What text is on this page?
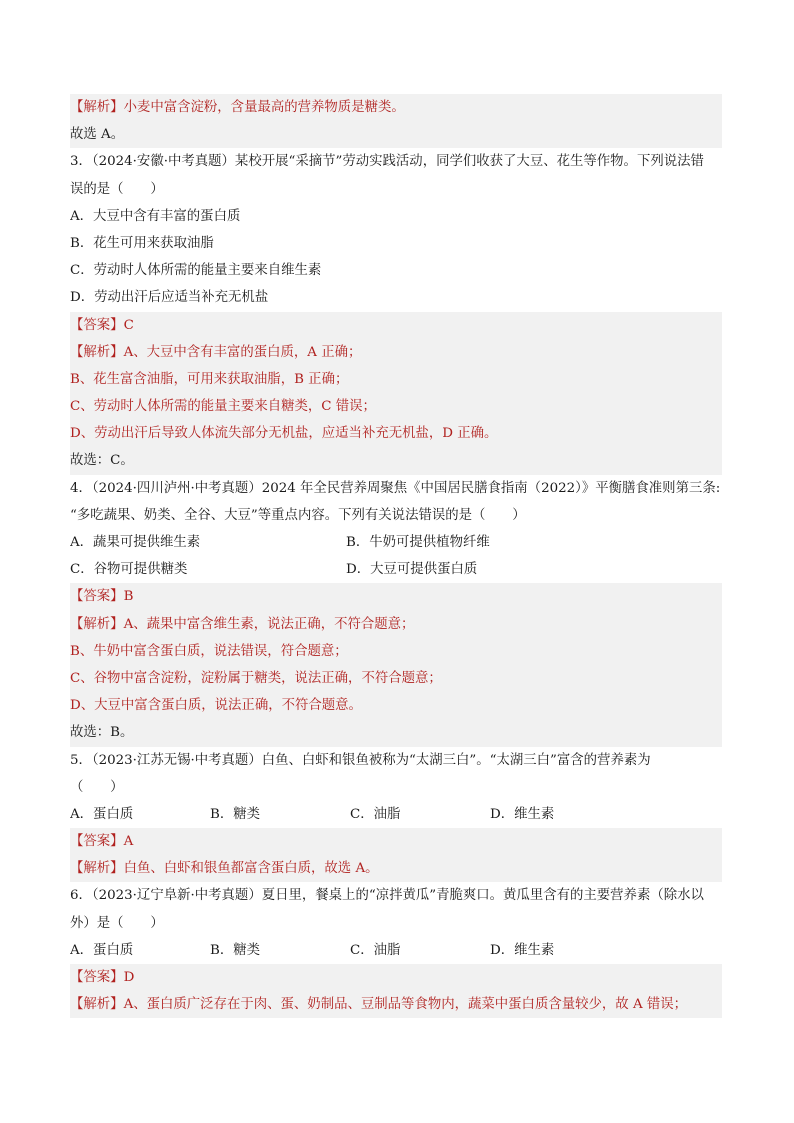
【解析】小麦中富含淀粉，含量最高的营养物质是糖类。
故选 A。
3．（2024·安徽·中考真题）某校开展“采摘节”劳动实践活动，同学们收获了大豆、花生等作物。下列说法错
误的是（　　）
A．大豆中含有丰富的蛋白质
B．花生可用来获取油脂
C．劳动时人体所需的能量主要来自维生素
D．劳动出汗后应适当补充无机盐
【答案】C
【解析】A、大豆中含有丰富的蛋白质，A 正确；
B、花生富含油脂，可用来获取油脂，B 正确；
C、劳动时人体所需的能量主要来自糖类，C 错误；
D、劳动出汗后导致人体流失部分无机盐，应适当补充无机盐，D 正确。
故选：C。
4．（2024·四川泸州·中考真题）2024 年全民营养周聚焦《中国居民膳食指南（2022）》平衡膳食准则第三条:
“多吃蔬果、奶类、全谷、大豆”等重点内容。下列有关说法错误的是（　　）
A．蔬果可提供维生素	B．牛奶可提供植物纤维
C．谷物可提供糖类	D．大豆可提供蛋白质
【答案】B
【解析】A、蔬果中富含维生素，说法正确，不符合题意；
B、牛奶中富含蛋白质，说法错误，符合题意；
C、谷物中富含淀粉，淀粉属于糖类，说法正确，不符合题意；
D、大豆中富含蛋白质，说法正确，不符合题意。
故选：B。
5．（2023·江苏无锡·中考真题）白鱼、白虾和银鱼被称为“太湖三白”。“太湖三白”富含的营养素为
（　　）
A．蛋白质	B．糖类	C．油脂	D．维生素
【答案】A
【解析】白鱼、白虾和银鱼都富含蛋白质，故选 A。
6．（2023·辽宁阜新·中考真题）夏日里，餐桌上的“凉拌黄瓜”青脆爽口。黄瓜里含有的主要营养素（除水以
外）是（　　）
A．蛋白质	B．糖类	C．油脂	D．维生素
【答案】D
【解析】A、蛋白质广泛存在于肉、蛋、奶制品、豆制品等食物内，蔬菜中蛋白质含量较少，故 A 错误；
